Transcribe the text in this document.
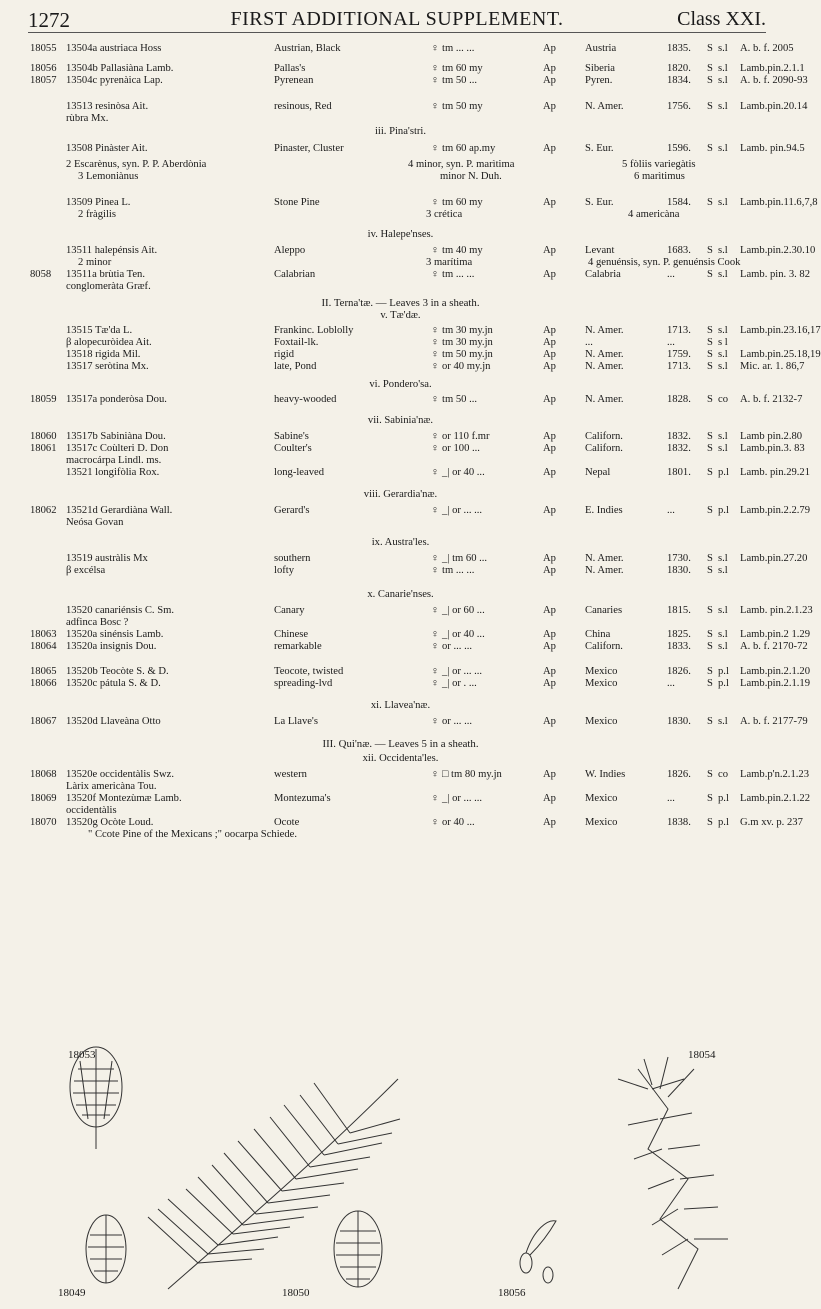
1272	FIRST ADDITIONAL SUPPLEMENT.	Class XXI.
18055 13504a austriaca Hoss	Austrian, Black	♀ tm ... ...	Ap	Austria	1835. S s.l A. b. f. 2005
18056 13504b Pallasiàna Lamb.	Pallas's	♀ tm 60 my	Ap	Siberia	1820. S s.l Lamb.pin.2.1.1
18057 13504c pyrenàica Lap.	Pyrenean	♀ tm 50 ...	Ap	Pyren.	1834. S s.l A. b. f. 2090-93
13513 resinòsa Ait.	resinous, Red	♀ tm 50 my	Ap	N. Amer.	1756. S s.l Lamb.pin.20.14
rùbra Mx.
13508 Pinàster Ait.	Pinaster, Cluster	♀ tm 60 ap.my	Ap	S. Eur.	1596. S s.l Lamb. pin.94.5
13509 Pinea L.	Stone Pine	♀ tm 60 my	Ap	S. Eur.	1584. S s.l Lamb.pin.11.6,7,8
13511 halepénsis Ait.	Aleppo	♀ tm 40 my	Ap	Levant	1683. S s.l Lamb.pin.2.30.10
8058 13511a brùtia Ten.	Calabrian	♀ tm ... ...	Ap	Calabria	...	S s.l Lamb. pin. 3. 82
conglomeràta Græf.
13515 Tæ'da L.	Frankinc. Loblolly	♀ tm 30 my.jn	Ap	N. Amer.	1713. S s.l Lamb.pin.23.16,17
β alopecuròidea Ait.	Foxtail-lk.	♀ tm 30 my.jn	Ap	...	...	S s l
13518 rigida Mil.	rigid	♀ tm 50 my.jn	Ap	N. Amer.	1759. S s.l Lamb.pin.25.18,19
13517 seròtina Mx.	late, Pond	♀ or 40 my.jn	Ap	N. Amer.	1713. S s.l Mic. ar. 1. 86,7
18059 13517a ponderòsa Dou.	heavy-wooded	♀ tm 50 ...	Ap	N. Amer.	1828. S co A. b. f. 2132-7
18060 13517b Sabiniàna Dou.	Sabine's	♀ or 110 f.mr	Ap	Californ.	1832. S s.l Lamb pin.2.80
18061 13517c Coùlteri D. Don	Coulter's	♀ or 100 ...	Ap	Californ.	1832. S s.l Lamb.pin.3. 83
macrocárpa Lindl. ms.
13521 longifòlia Rox.	long-leaved	♀ _| or 40 ...	Ap	Nepal	1801. S p.l Lamb. pin.29.21
18062 13521d Gerardiàna Wall.	Gerard's	♀ _| or ... ...	Ap	E. Indies	...	S p.l Lamb.pin.2.2.79
Neósa Govan
13519 austràlis Mx	southern	♀ _| tm 60 ...	Ap	N. Amer.	1730. S s.l Lamb.pin.27.20
β excélsa	lofty	♀ tm ... ...	Ap	N. Amer.	1830. S s.l
13520 canariénsis C. Sm.	Canary	♀ _| or 60 ...	Ap	Canaries	1815. S s.l Lamb. pin.2.1.23
adfinca Bosc ?
18063 13520a sinénsis Lamb.	Chinese	♀ _| or 40 ...	Ap	China	1825. S s.l Lamb.pin.2 1.29
18064 13520a insignis Dou.	remarkable	♀ or ... ...	Ap	Californ.	1833. S s.l A. b. f. 2170-72
18065 13520b Teocòte S. & D.	Teocote, twisted	♀ _| or ... ...	Ap	Mexico	1826. S p.l Lamb.pin.2.1.20
18066 13520c pátula S. & D.	spreading-lvd	♀ _| or . ...	Ap	Mexico	...	S p.l Lamb.pin.2.1.19
18067 13520d Llaveàna Otto	La Llave's	♀ or ... ...	Ap	Mexico	1830. S s.l A. b. f. 2177-79
18068 13520e occidentàlis Swz.	western	♀ □ tm 80 my.jn	Ap	W. Indies	1826. S co Lamb.p'n.2.1.23
Làrix americàna Tou.
18069 13520f Montezùmæ Lamb.	Montezuma's	♀ _| or ... ...	Ap	Mexico	...	S p.l Lamb.pin.2.1.22
occidentàlis
18070 13520g Ocòte Loud.	Ocote	♀ or 40 ...	Ap	Mexico	1838. S p.l G.m xv. p. 237
iii. Pina'stri.
iv. Halepe'nses.
v. Tæ'dæ.
vi. Pondero'sa.
vii. Sabinia'næ.
viii. Gerardia'næ.
ix. Austra'les.
x. Canarie'nses.
xi. Llavea'næ.
xii. Occidenta'les.
II. Terna'tæ. — Leaves 3 in a sheath.
III. Qui'næ. — Leaves 5 in a sheath.
2 Escarènus, syn. P. P. Aberdònia
3 Lemoniànus
4 minor, syn. P. marìtima
minor N. Duh.
5 fòliis variegàtis
6 marìtimus
2 fràgilis	3 crética	4 americàna
2 minor	3 marítima	4 genuénsis, syn. P. genuénsis Cook
" Ccote Pine of the Mexicans ;" oocarpa Schiede.
18053	18054
18049	18050	18056
